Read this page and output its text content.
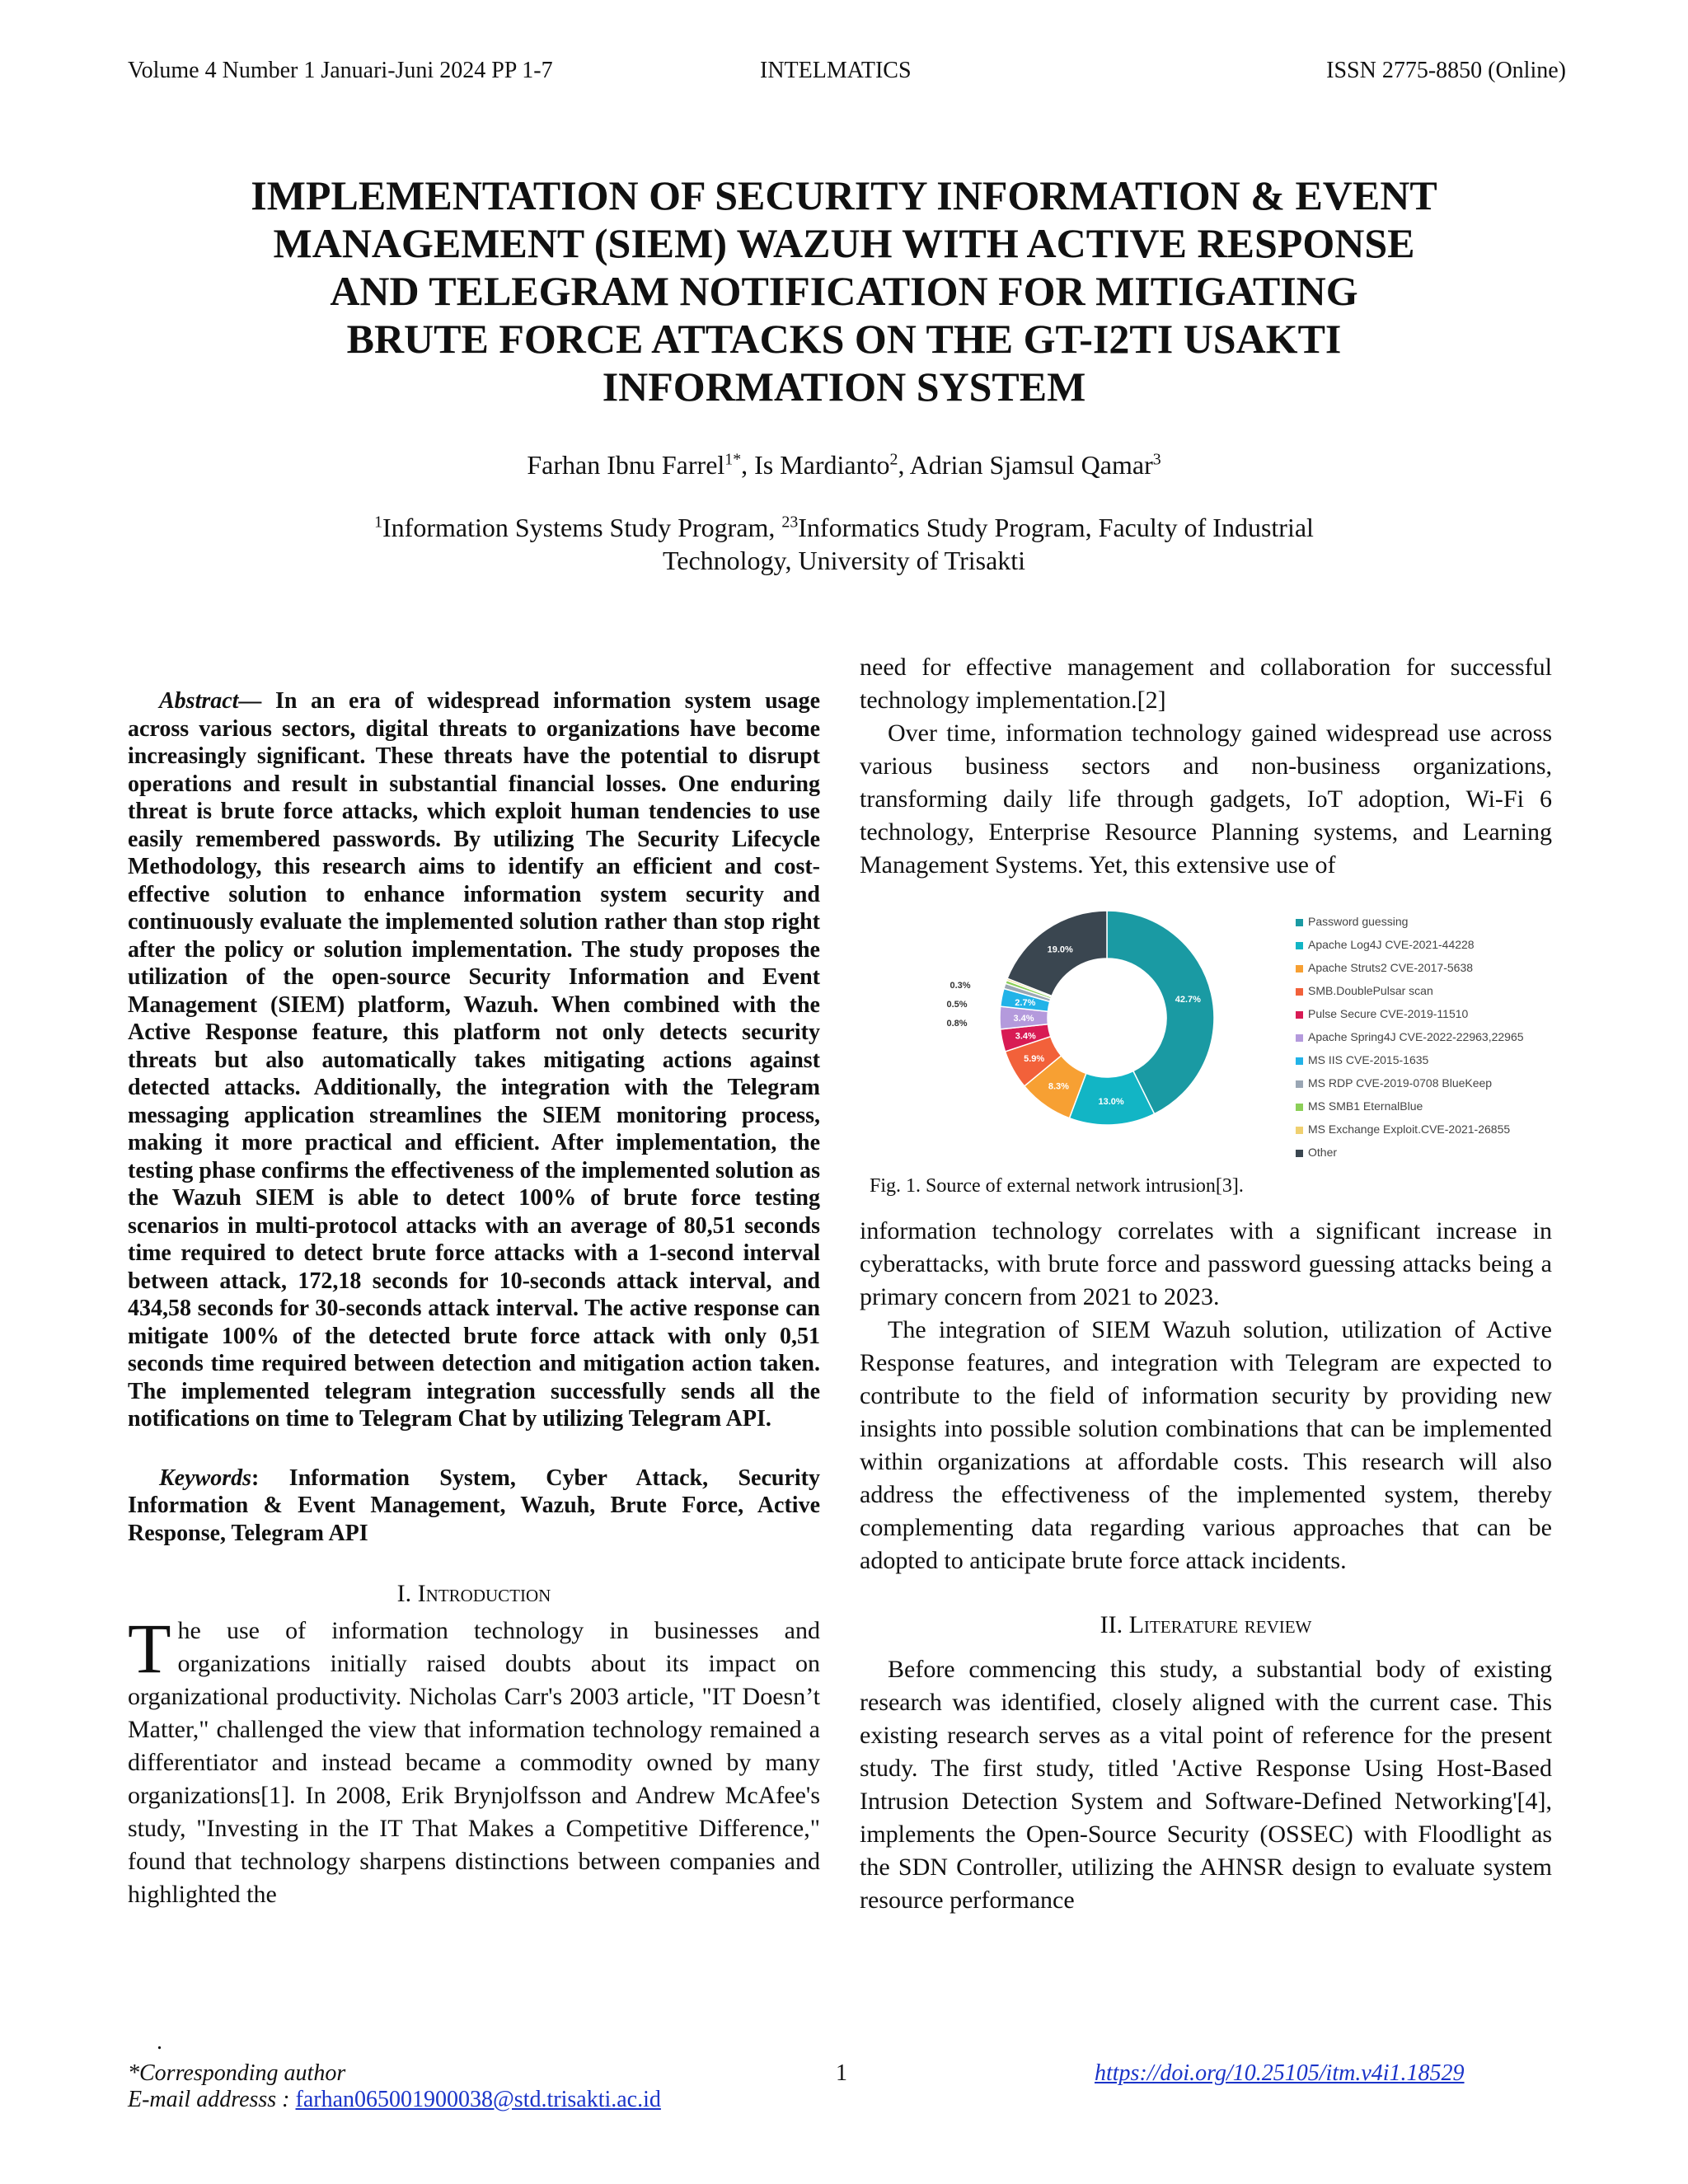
Volume 4 Number 1 Januari-Juni 2024 PP 1-7	INTELMATICS	ISSN 2775-8850 (Online)
IMPLEMENTATION OF SECURITY INFORMATION & EVENT
MANAGEMENT (SIEM) WAZUH WITH ACTIVE RESPONSE
AND TELEGRAM NOTIFICATION FOR MITIGATING
BRUTE FORCE ATTACKS ON THE GT-I2TI USAKTI
INFORMATION SYSTEM
Farhan Ibnu Farrel$^{1*}$, Is Mardianto$^2$, Adrian Sjamsul Qamar$^3$
$^1$Information Systems Study Program, $^{23}$Informatics Study Program, Faculty of Industrial
Technology, University of Trisakti

Abstract— In an era of widespread information system usage across various sectors, digital threats to organizations have become increasingly significant. These threats have the potential to disrupt operations and result in substantial financial losses. One enduring threat is brute force attacks, which exploit human tendencies to use easily remembered passwords. By utilizing The Security Lifecycle Methodology, this research aims to identify an efficient and cost-effective solution to enhance information system security and continuously evaluate the implemented solution rather than stop right after the policy or solution implementation. The study proposes the utilization of the open-source Security Information and Event Management (SIEM) platform, Wazuh. When combined with the Active Response feature, this platform not only detects security threats but also automatically takes mitigating actions against detected attacks. Additionally, the integration with the Telegram messaging application streamlines the SIEM monitoring process, making it more practical and efficient. After implementation, the testing phase confirms the effectiveness of the implemented solution as the Wazuh SIEM is able to detect 100% of brute force testing scenarios in multi-protocol attacks with an average of 80,51 seconds time required to detect brute force attacks with a 1-second interval between attack, 172,18 seconds for 10-seconds attack interval, and 434,58 seconds for 30-seconds attack interval. The active response can mitigate 100% of the detected brute force attack with only 0,51 seconds time required between detection and mitigation action taken. The implemented telegram integration successfully sends all the notifications on time to Telegram Chat by utilizing Telegram API.

Keywords: Information System, Cyber Attack, Security Information & Event Management, Wazuh, Brute Force, Active Response, Telegram API

I. Introduction

The use of information technology in businesses and organizations initially raised doubts about its impact on organizational productivity. Nicholas Carr's 2003 article, "IT Doesn’t Matter," challenged the view that information technology remained a differentiator and instead became a commodity owned by many organizations[1]. In 2008, Erik Brynjolfsson and Andrew McAfee's study, "Investing in the IT That Makes a Competitive Difference," found that technology sharpens distinctions between companies and highlighted the

need for effective management and collaboration for successful technology implementation.[2]

Over time, information technology gained widespread use across various business sectors and non-business organizations, transforming daily life through gadgets, IoT adoption, Wi-Fi 6 technology, Enterprise Resource Planning systems, and Learning Management Systems. Yet, this extensive use of

42.7%
13.0%
8.3%
5.9%
3.4%
3.4%
2.7%
0.8%
0.5%
0.3%
19.0%
Password guessing
Apache Log4J CVE-2021-44228
Apache Struts2 CVE-2017-5638
SMB.DoublePulsar scan
Pulse Secure CVE-2019-11510
Apache Spring4J CVE-2022-22963,22965
MS IIS CVE-2015-1635
MS RDP CVE-2019-0708 BlueKeep
MS SMB1 EternalBlue
MS Exchange Exploit.CVE-2021-26855
Other
Fig. 1. Source of external network intrusion[3].

information technology correlates with a significant increase in cyberattacks, with brute force and password guessing attacks being a primary concern from 2021 to 2023.

The integration of SIEM Wazuh solution, utilization of Active Response features, and integration with Telegram are expected to contribute to the field of information security by providing new insights into possible solution combinations that can be implemented within organizations at affordable costs. This research will also address the effectiveness of the implemented system, thereby complementing data regarding various approaches that can be adopted to anticipate brute force attack incidents.

II. Literature review

Before commencing this study, a substantial body of existing research was identified, closely aligned with the current case. This existing research serves as a vital point of reference for the present study. The first study, titled 'Active Response Using Host-Based Intrusion Detection System and Software-Defined Networking'[4], implements the Open-Source Security (OSSEC) with Floodlight as the SDN Controller, utilizing the AHNSR design to evaluate system resource performance

.
*Corresponding author
E-mail addresss : farhan065001900038@std.trisakti.ac.id
1	https://doi.org/10.25105/itm.v4i1.18529
